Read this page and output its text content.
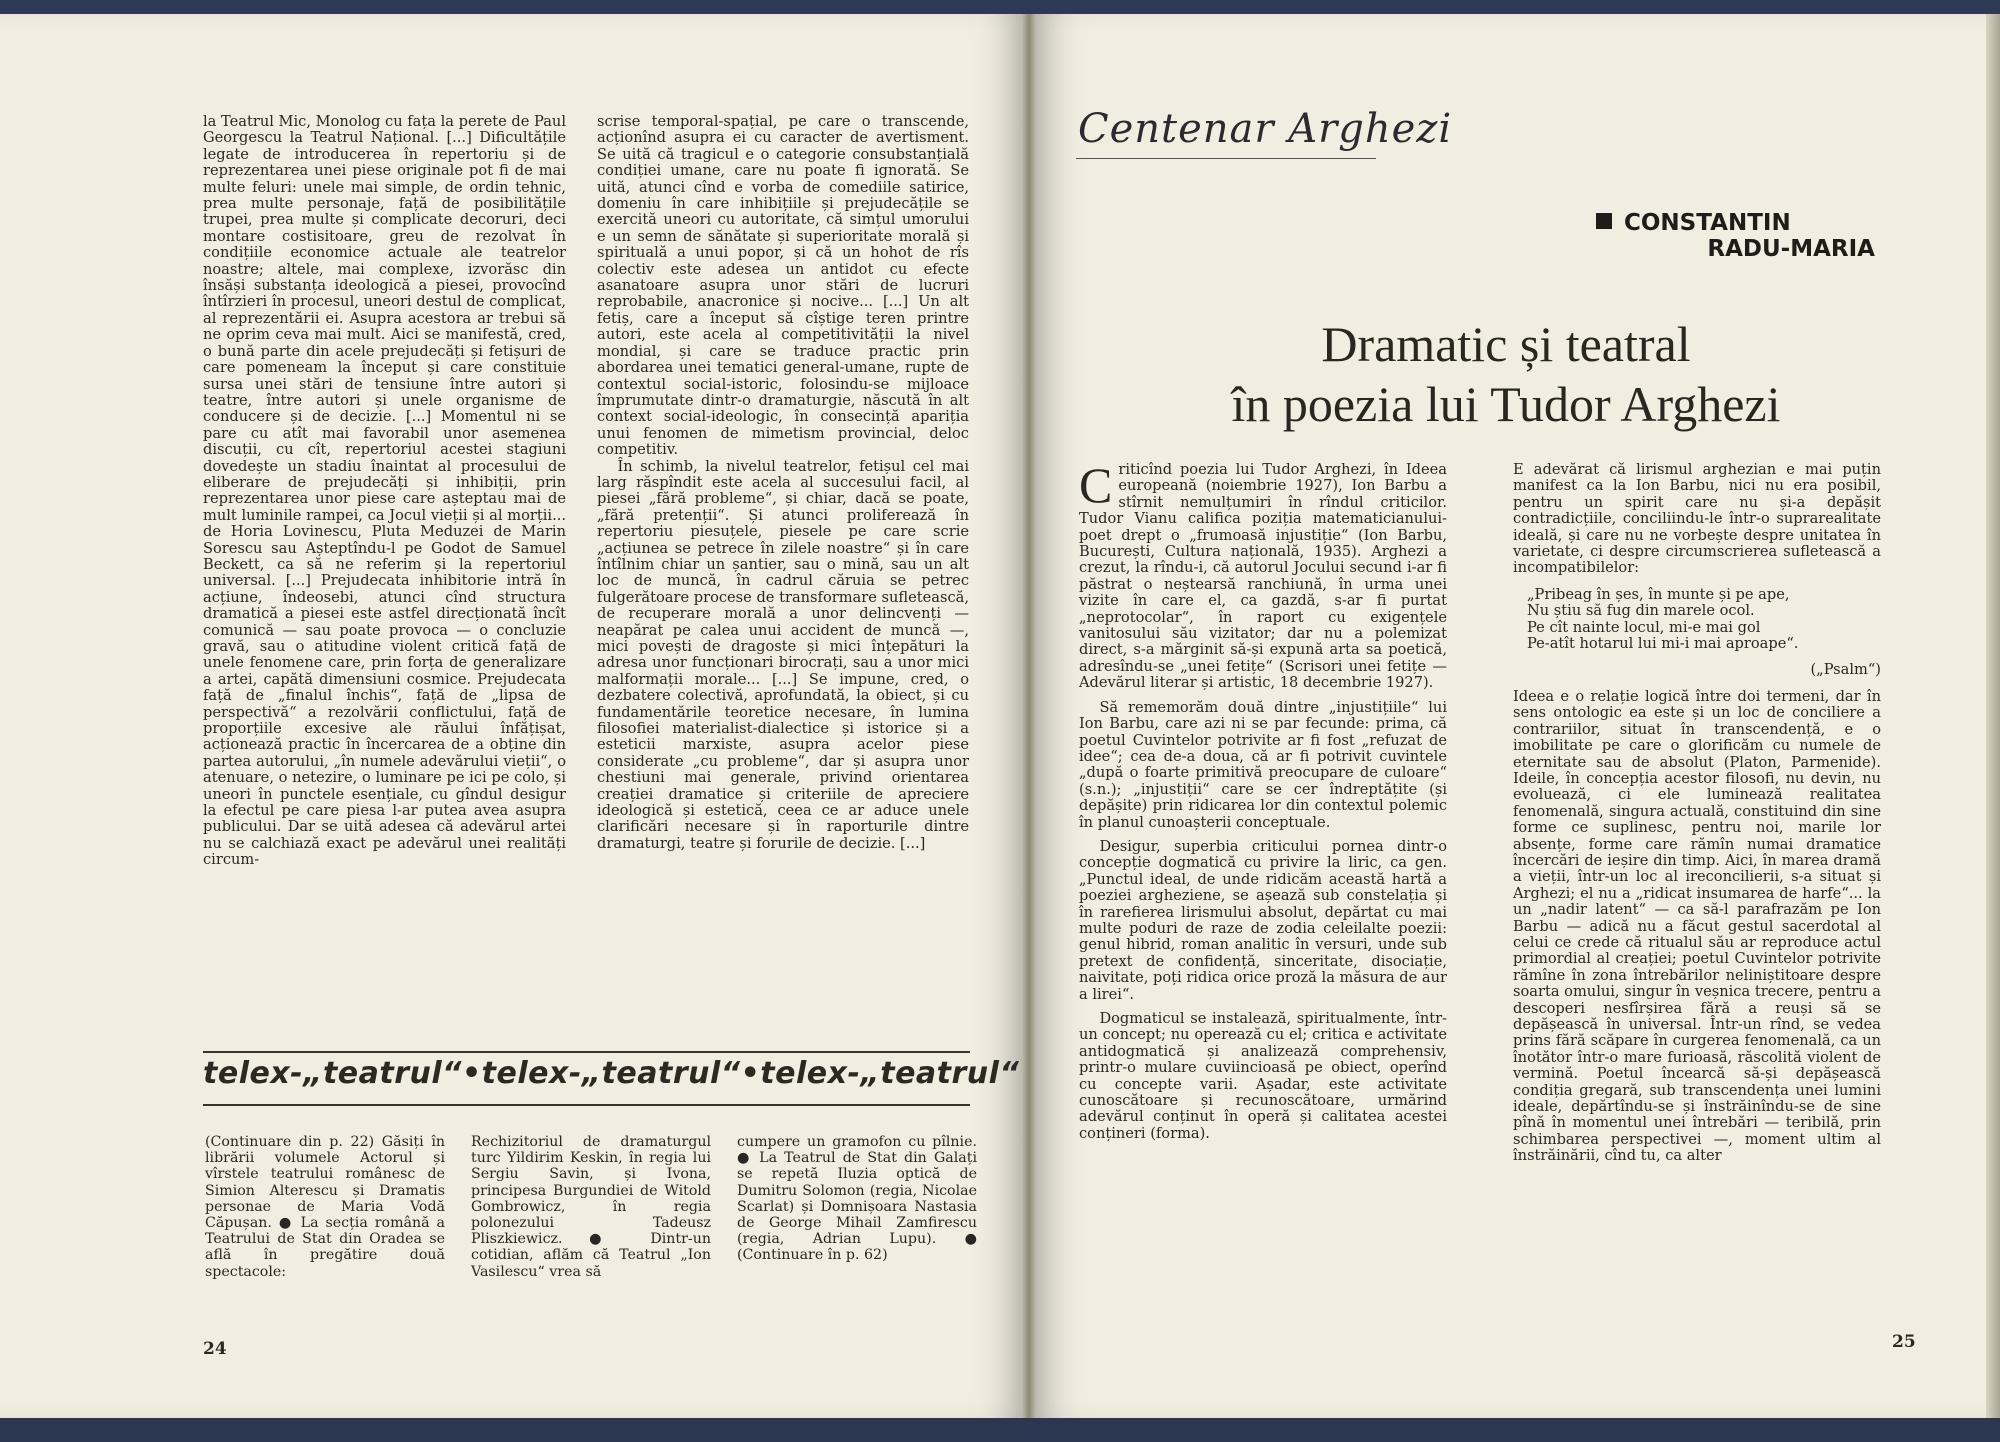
la Teatrul Mic, Monolog cu fața la perete de Paul Georgescu la Teatrul Național. [...] Dificultățile legate de introducerea în repertoriu și de reprezentarea unei piese originale pot fi de mai multe feluri: unele mai simple, de ordin tehnic, prea multe personaje, față de posibilitățile trupei, prea multe și complicate decoruri, deci montare costisitoare, greu de rezolvat în condițiile economice actuale ale teatrelor noastre; altele, mai complexe, izvorăsc din însăși substanța ideologică a piesei, provocînd întîrzieri în procesul, uneori destul de complicat, al reprezentării ei. Asupra acestora ar trebui să ne oprim ceva mai mult. Aici se manifestă, cred, o bună parte din acele prejudecăți și fetișuri de care pomeneam la început și care constituie sursa unei stări de tensiune între autori și teatre, între autori și unele organisme de conducere și de decizie. [...] Momentul ni se pare cu atît mai favorabil unor asemenea discuții, cu cît, repertoriul acestei stagiuni dovedește un stadiu înaintat al procesului de eliberare de prejudecăți și inhibiții, prin reprezentarea unor piese care așteptau mai de mult luminile rampei, ca Jocul vieții și al morții... de Horia Lovinescu, Pluta Meduzei de Marin Sorescu sau Așteptîndu-l pe Godot de Samuel Beckett, ca să ne referim și la repertoriul universal. [...] Prejudecata inhibitorie intră în acțiune, îndeosebi, atunci cînd structura dramatică a piesei este astfel direcționată încît comunică — sau poate provoca — o concluzie gravă, sau o atitudine violent critică față de unele fenomene care, prin forța de generalizare a artei, capătă dimensiuni cosmice. Prejudecata față de „finalul închis“, față de „lipsa de perspectivă“ a rezolvării conflictului, față de proporțiile excesive ale răului înfățișat, acționează practic în încercarea de a obține din partea autorului, „în numele adevărului vieții“, o atenuare, o netezire, o luminare pe ici pe colo, și uneori în punctele esențiale, cu gîndul desigur la efectul pe care piesa l-ar putea avea asupra publicului. Dar se uită adesea că adevărul artei nu se calchiază exact pe adevărul unei realități circum-

scrise temporal-spațial, pe care o transcende, acționînd asupra ei cu caracter de avertisment. Se uită că tragicul e o categorie consubstanțială condiției umane, care nu poate fi ignorată. Se uită, atunci cînd e vorba de comediile satirice, domeniu în care inhibițiile și prejudecățile se exercită uneori cu autoritate, că simțul umorului e un semn de sănătate și superioritate morală și spirituală a unui popor, și că un hohot de rîs colectiv este adesea un antidot cu efecte asanatoare asupra unor stări de lucruri reprobabile, anacronice și nocive... [...] Un alt fetiș, care a început să cîștige teren printre autori, este acela al competitivității la nivel mondial, și care se traduce practic prin abordarea unei tematici general-umane, rupte de contextul social-istoric, folosindu-se mijloace împrumutate dintr-o dramaturgie, născută în alt context social-ideologic, în consecință apariția unui fenomen de mimetism provincial, deloc competitiv.

În schimb, la nivelul teatrelor, fetișul cel mai larg răspîndit este acela al succesului facil, al piesei „fără probleme“, și chiar, dacă se poate, „fără pretenții“. Și atunci proliferează în repertoriu piesuțele, piesele pe care scrie „acțiunea se petrece în zilele noastre“ și în care întîlnim chiar un șantier, sau o mină, sau un alt loc de muncă, în cadrul căruia se petrec fulgerătoare procese de transformare sufletească, de recuperare morală a unor delincvenți — neapărat pe calea unui accident de muncă —, mici povești de dragoste și mici înțepături la adresa unor funcționari birocrați, sau a unor mici malformații morale... [...] Se impune, cred, o dezbatere colectivă, aprofundată, la obiect, și cu fundamentările teoretice necesare, în lumina filosofiei materialist-dialectice și istorice și a esteticii marxiste, asupra acelor piese considerate „cu probleme“, dar și asupra unor chestiuni mai generale, privind orientarea creației dramatice și criteriile de apreciere ideologică și estetică, ceea ce ar aduce unele clarificări necesare și în raporturile dintre dramaturgi, teatre și forurile de decizie. [...]

telex-„teatrul“•telex-„teatrul“•telex-„teatrul“
(Continuare din p. 22) Găsiți în librării volumele Actorul și vîrstele teatrului românesc de Simion Alterescu și Dramatis personae de Maria Vodă Căpușan. ● La secția română a Teatrului de Stat din Oradea se află în pregătire două spectacole:
Rechizitoriul de dramaturgul turc Yildirim Keskin, în regia lui Sergiu Savin, și Ivona, principesa Burgundiei de Witold Gombrowicz, în regia polonezului Tadeusz Pliszkiewicz. ● Dintr-un cotidian, aflăm că Teatrul „Ion Vasilescu“ vrea să
cumpere un gramofon cu pîlnie. ● La Teatrul de Stat din Galați se repetă Iluzia optică de Dumitru Solomon (regia, Nicolae Scarlat) și Domnișoara Nastasia de George Mihail Zamfirescu (regia, Adrian Lupu). ● (Continuare în p. 62)
24
Centenar Arghezi
CONSTANTIN
RADU-MARIA
Dramatic și teatral
în poezia lui Tudor Arghezi

Criticînd poezia lui Tudor Arghezi, în Ideea europeană (noiembrie 1927), Ion Barbu a stîrnit nemulțumiri în rîndul criticilor. Tudor Vianu califica poziția matematicianului-poet drept o „frumoasă injustiție“ (Ion Barbu, București, Cultura națională, 1935). Arghezi a crezut, la rîndu-i, că autorul Jocului secund i-ar fi păstrat o neștearsă ranchiună, în urma unei vizite în care el, ca gazdă, s-ar fi purtat „neprotocolar“, în raport cu exigențele vanitosului său vizitator; dar nu a polemizat direct, s-a mărginit să-și expună arta sa poetică, adresîndu-se „unei fetițe“ (Scrisori unei fetițe — Adevărul literar și artistic, 18 decembrie 1927).

Să rememorăm două dintre „injustițiile“ lui Ion Barbu, care azi ni se par fecunde: prima, că poetul Cuvintelor potrivite ar fi fost „refuzat de idee“; cea de-a doua, că ar fi potrivit cuvintele „după o foarte primitivă preocupare de culoare“ (s.n.); „injustiții“ care se cer îndreptățite (și depășite) prin ridicarea lor din contextul polemic în planul cunoașterii conceptuale.

Desigur, superbia criticului pornea dintr-o concepție dogmatică cu privire la liric, ca gen. „Punctul ideal, de unde ridicăm această hartă a poeziei argheziene, se așează sub constelația și în rarefierea lirismului absolut, depărtat cu mai multe poduri de raze de zodia celeilalte poezii: genul hibrid, roman analitic în versuri, unde sub pretext de confidență, sinceritate, disociație, naivitate, poți ridica orice proză la măsura de aur a lirei“.

Dogmaticul se instalează, spiritualmente, într-un concept; nu operează cu el; critica e activitate antidogmatică și analizează comprehensiv, printr-o mulare cuviincioasă pe obiect, operînd cu concepte varii. Așadar, este activitate cunoscătoare și recunoscătoare, urmărind adevărul conținut în operă și calitatea acestei conțineri (forma).

E adevărat că lirismul arghezian e mai puțin manifest ca la Ion Barbu, nici nu era posibil, pentru un spirit care nu și-a depășit contradicțiile, conciliindu-le într-o suprarealitate ideală, și care nu ne vorbește despre unitatea în varietate, ci despre circumscrierea sufletească a incompatibilelor:

„Pribeag în șes, în munte și pe ape,
Nu știu să fug din marele ocol.
Pe cît nainte locul, mi-e mai gol
Pe-atît hotarul lui mi-i mai aproape“.
(„Psalm“)

Ideea e o relație logică între doi termeni, dar în sens ontologic ea este și un loc de conciliere a contrariilor, situat în transcendență, e o imobilitate pe care o glorificăm cu numele de eternitate sau de absolut (Platon, Parmenide). Ideile, în concepția acestor filosofi, nu devin, nu evoluează, ci ele luminează realitatea fenomenală, singura actuală, constituind din sine forme ce suplinesc, pentru noi, marile lor absențe, forme care rămîn numai dramatice încercări de ieșire din timp. Aici, în marea dramă a vieții, într-un loc al ireconcilierii, s-a situat și Arghezi; el nu a „ridicat insumarea de harfe“... la un „nadir latent“ — ca să-l parafrazăm pe Ion Barbu — adică nu a făcut gestul sacerdotal al celui ce crede că ritualul său ar reproduce actul primordial al creației; poetul Cuvintelor potrivite rămîne în zona întrebărilor neliniștitoare despre soarta omului, singur în veșnica trecere, pentru a descoperi nesfîrșirea fără a reuși să se depășească în universal. Într-un rînd, se vedea prins fără scăpare în curgerea fenomenală, ca un înotător într-o mare furioasă, răscolită violent de vermină. Poetul încearcă să-și depășească condiția gregară, sub transcendența unei lumini ideale, depărtîndu-se și înstrăinîndu-se de sine pînă în momentul unei întrebări — teribilă, prin schimbarea perspectivei —, moment ultim al înstrăinării, cînd tu, ca alter

25
